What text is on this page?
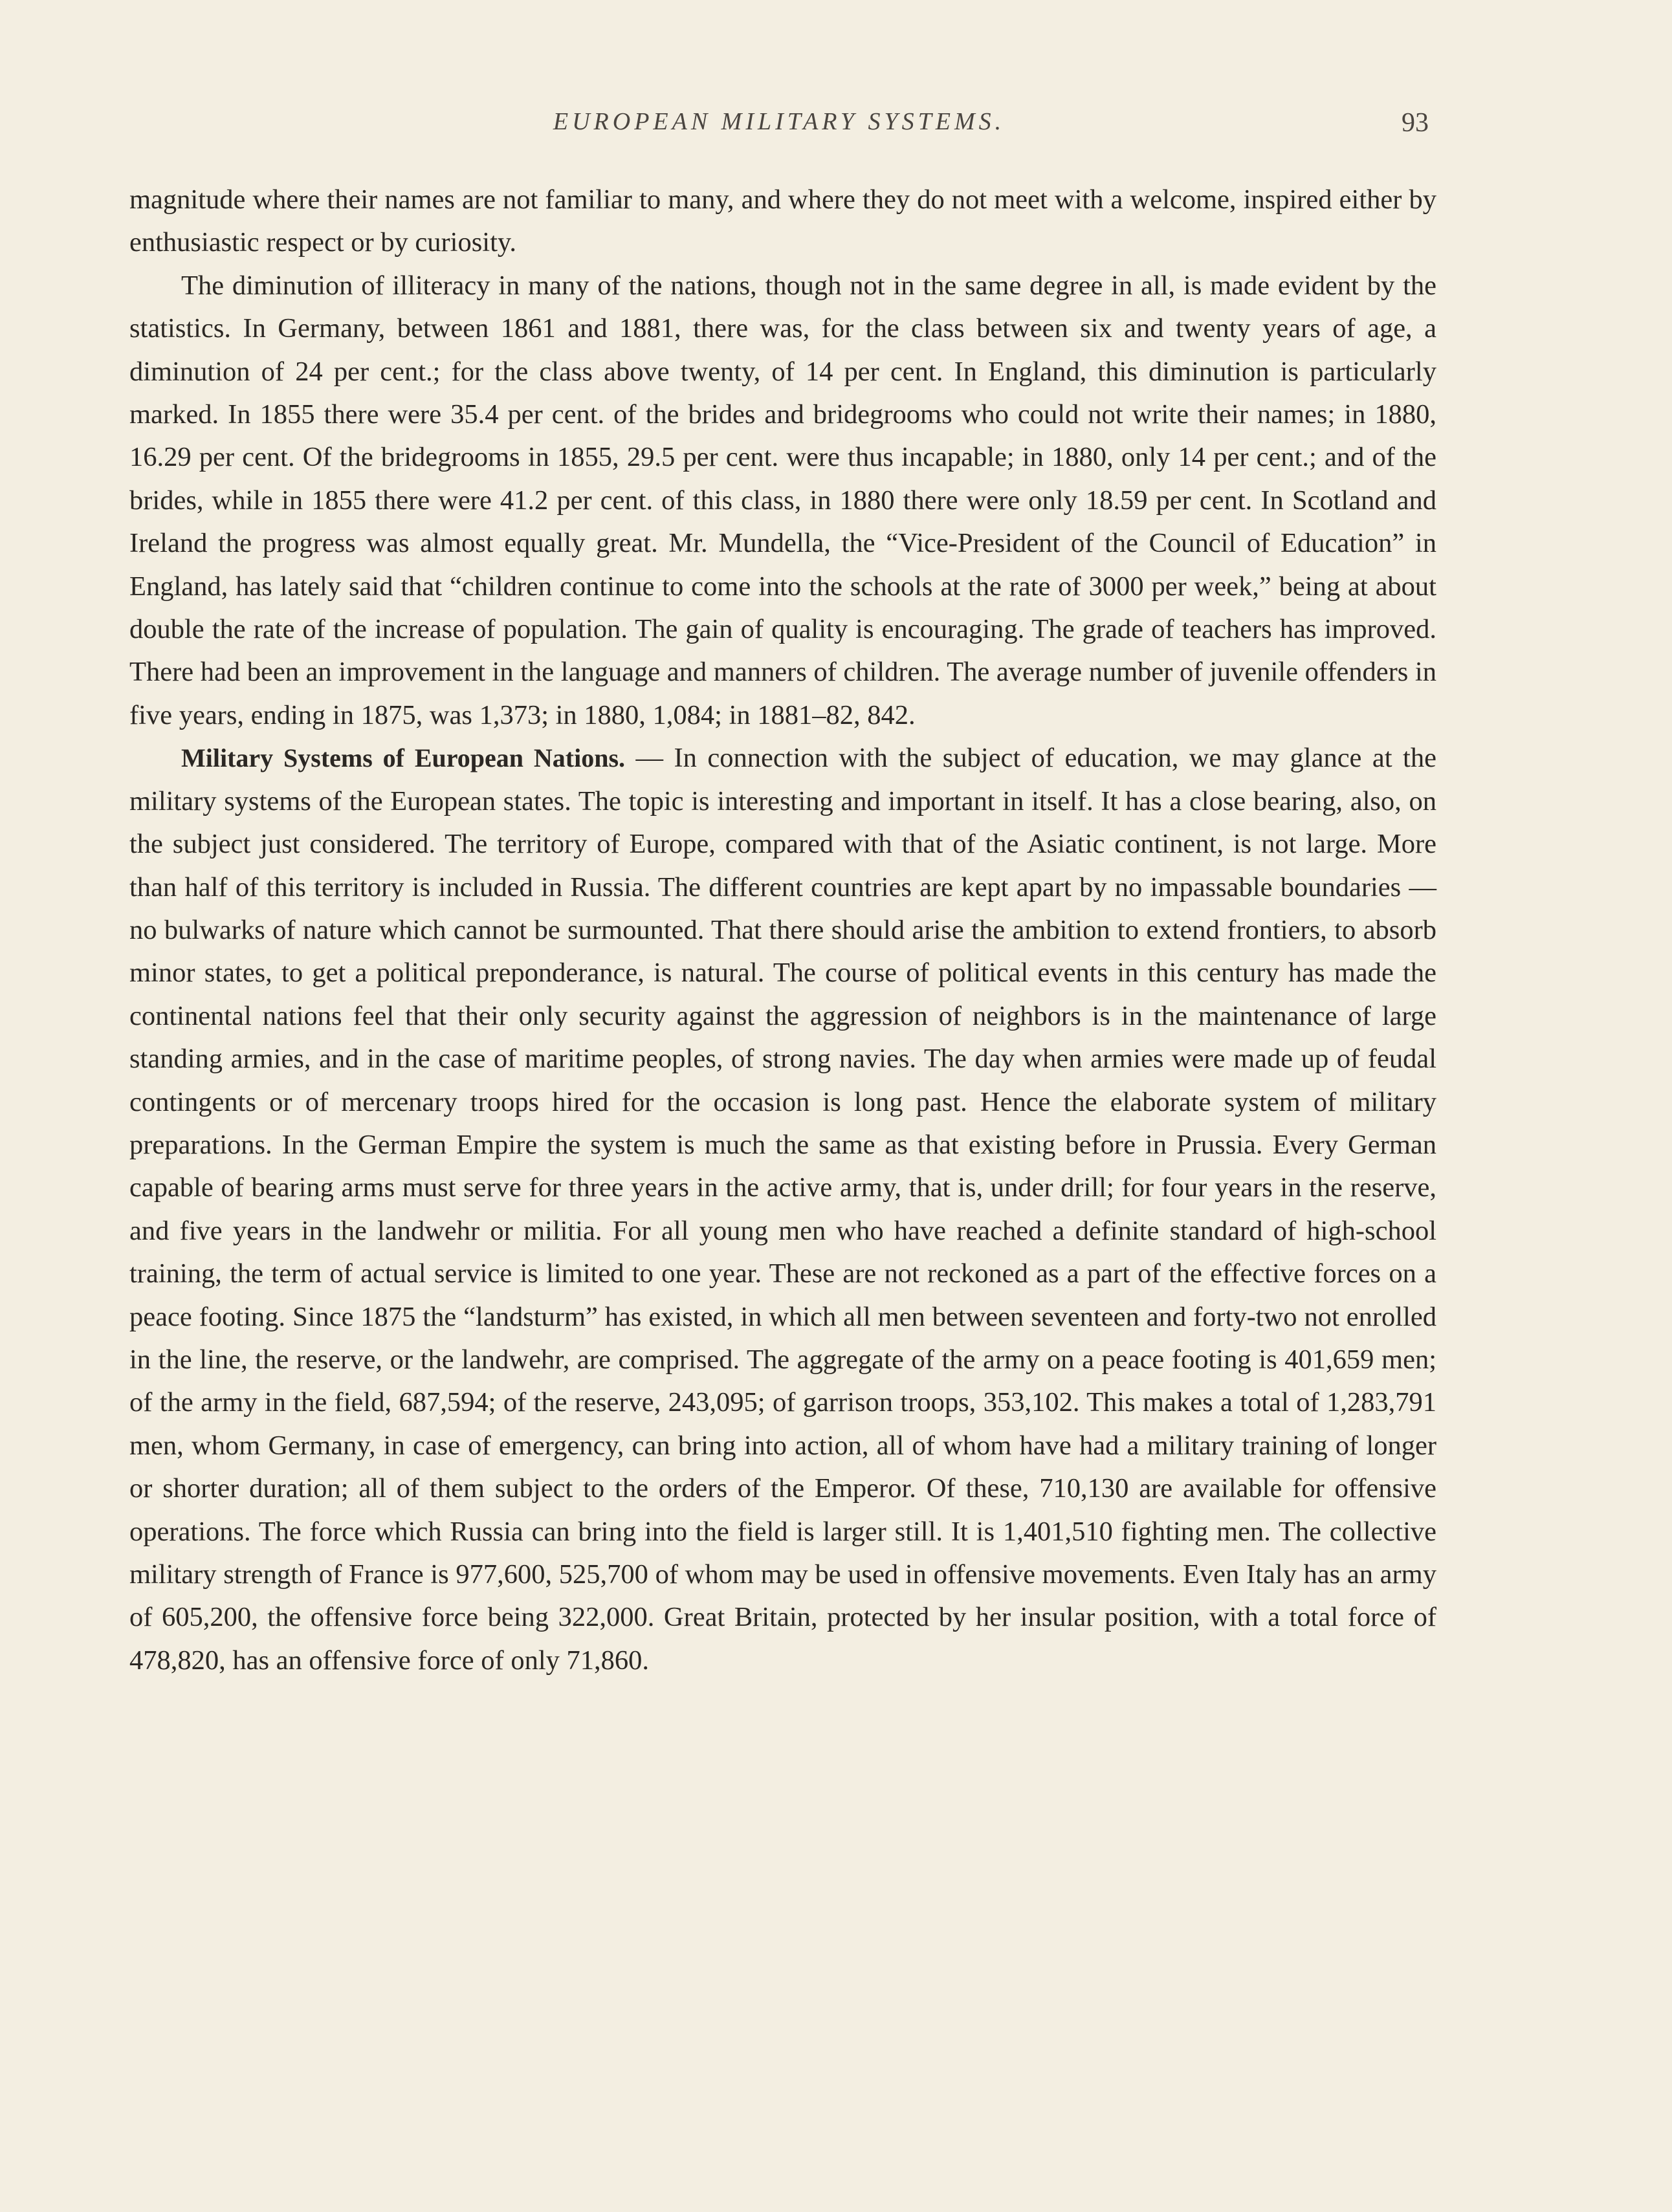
EUROPEAN MILITARY SYSTEMS.	93

magnitude where their names are not familiar to many, and where they do not meet with a welcome, inspired either by enthusiastic respect or by curiosity.

The diminution of illiteracy in many of the nations, though not in the same degree in all, is made evident by the statistics. In Germany, between 1861 and 1881, there was, for the class between six and twenty years of age, a diminution of 24 per cent.; for the class above twenty, of 14 per cent. In England, this diminution is particularly marked. In 1855 there were 35.4 per cent. of the brides and bridegrooms who could not write their names; in 1880, 16.29 per cent. Of the bridegrooms in 1855, 29.5 per cent. were thus incapable; in 1880, only 14 per cent.; and of the brides, while in 1855 there were 41.2 per cent. of this class, in 1880 there were only 18.59 per cent. In Scotland and Ireland the progress was almost equally great. Mr. Mundella, the “Vice-President of the Council of Education” in England, has lately said that “children continue to come into the schools at the rate of 3000 per week,” being at about double the rate of the increase of population. The gain of quality is encouraging. The grade of teachers has improved. There had been an improvement in the language and manners of children. The average number of juvenile offenders in five years, ending in 1875, was 1,373; in 1880, 1,084; in 1881–82, 842.

Military Systems of European Nations. — In connection with the subject of education, we may glance at the military systems of the European states. The topic is interesting and important in itself. It has a close bearing, also, on the subject just considered. The territory of Europe, compared with that of the Asiatic continent, is not large. More than half of this territory is included in Russia. The different countries are kept apart by no impassable boundaries — no bulwarks of nature which cannot be surmounted. That there should arise the ambition to extend frontiers, to absorb minor states, to get a political preponderance, is natural. The course of political events in this century has made the continental nations feel that their only security against the aggression of neighbors is in the maintenance of large standing armies, and in the case of maritime peoples, of strong navies. The day when armies were made up of feudal contingents or of mercenary troops hired for the occasion is long past. Hence the elaborate system of military preparations. In the German Empire the system is much the same as that existing before in Prussia. Every German capable of bearing arms must serve for three years in the active army, that is, under drill; for four years in the reserve, and five years in the landwehr or militia. For all young men who have reached a definite standard of high-school training, the term of actual service is limited to one year. These are not reckoned as a part of the effective forces on a peace footing. Since 1875 the “landsturm” has existed, in which all men between seventeen and forty-two not enrolled in the line, the reserve, or the landwehr, are comprised. The aggregate of the army on a peace footing is 401,659 men; of the army in the field, 687,594; of the reserve, 243,095; of garrison troops, 353,102. This makes a total of 1,283,791 men, whom Germany, in case of emergency, can bring into action, all of whom have had a military training of longer or shorter duration; all of them subject to the orders of the Emperor. Of these, 710,130 are available for offensive operations. The force which Russia can bring into the field is larger still. It is 1,401,510 fighting men. The collective military strength of France is 977,600, 525,700 of whom may be used in offensive movements. Even Italy has an army of 605,200, the offensive force being 322,000. Great Britain, protected by her insular position, with a total force of 478,820, has an offensive force of only 71,860.
